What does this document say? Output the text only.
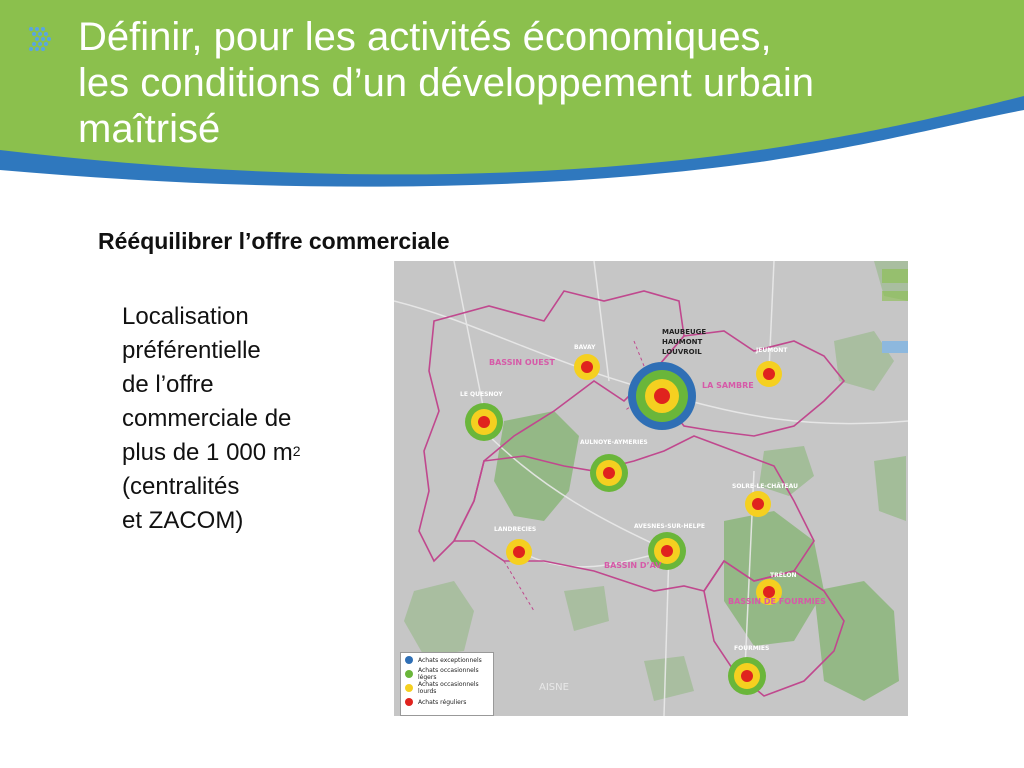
Définir, pour les activités économiques,
les conditions d’un développement urbain
maîtrisé
Rééquilibrer l’offre commerciale
Localisation
préférentielle
de l’offre
commerciale de
plus de 1 000 $m^2$
(centralités
et ZACOM)
BAVAY
MAUBEUGE
HAUMONT
LOUVROIL	JEUMONT
LE QUESNOY
AULNOYE-AYMERIES
SOLRE-LE-CHÂTEAU
LANDRECIES	AVESNES-SUR-HELPE
TRÉLON
FOURMIES
BASSIN OUEST
LA SAMBRE
BASSIN D’AV
BASSIN DE FOURMIES
AISNE
Achats exceptionnels
Achats occasionnels légers
Achats occasionnels lourds
Achats réguliers
